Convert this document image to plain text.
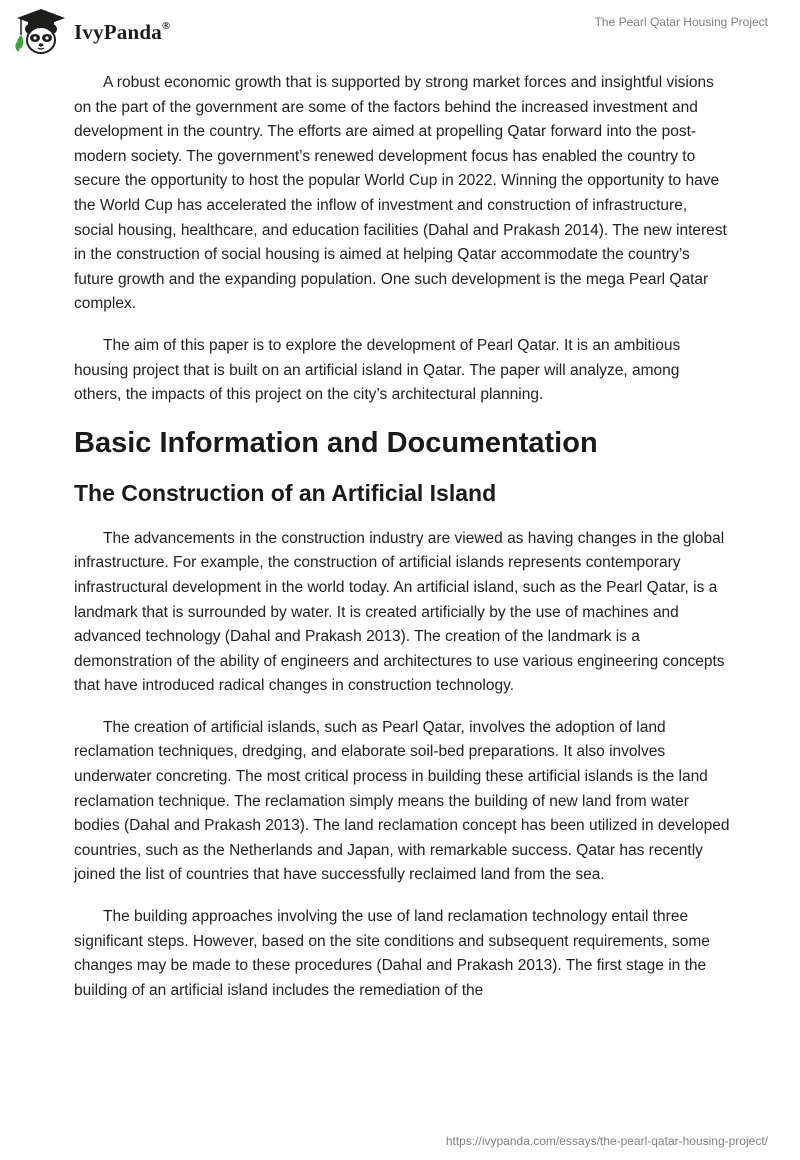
IvyPanda®	The Pearl Qatar Housing Project

A robust economic growth that is supported by strong market forces and insightful visions on the part of the government are some of the factors behind the increased investment and development in the country. The efforts are aimed at propelling Qatar forward into the post-modern society. The government’s renewed development focus has enabled the country to secure the opportunity to host the popular World Cup in 2022. Winning the opportunity to have the World Cup has accelerated the inflow of investment and construction of infrastructure, social housing, healthcare, and education facilities (Dahal and Prakash 2014). The new interest in the construction of social housing is aimed at helping Qatar accommodate the country’s future growth and the expanding population. One such development is the mega Pearl Qatar complex.

The aim of this paper is to explore the development of Pearl Qatar. It is an ambitious housing project that is built on an artificial island in Qatar. The paper will analyze, among others, the impacts of this project on the city’s architectural planning.

Basic Information and Documentation
The Construction of an Artificial Island

The advancements in the construction industry are viewed as having changes in the global infrastructure. For example, the construction of artificial islands represents contemporary infrastructural development in the world today. An artificial island, such as the Pearl Qatar, is a landmark that is surrounded by water. It is created artificially by the use of machines and advanced technology (Dahal and Prakash 2013). The creation of the landmark is a demonstration of the ability of engineers and architectures to use various engineering concepts that have introduced radical changes in construction technology.

The creation of artificial islands, such as Pearl Qatar, involves the adoption of land reclamation techniques, dredging, and elaborate soil-bed preparations. It also involves underwater concreting. The most critical process in building these artificial islands is the land reclamation technique. The reclamation simply means the building of new land from water bodies (Dahal and Prakash 2013). The land reclamation concept has been utilized in developed countries, such as the Netherlands and Japan, with remarkable success. Qatar has recently joined the list of countries that have successfully reclaimed land from the sea.

The building approaches involving the use of land reclamation technology entail three significant steps. However, based on the site conditions and subsequent requirements, some changes may be made to these procedures (Dahal and Prakash 2013). The first stage in the building of an artificial island includes the remediation of the

https://ivypanda.com/essays/the-pearl-qatar-housing-project/
